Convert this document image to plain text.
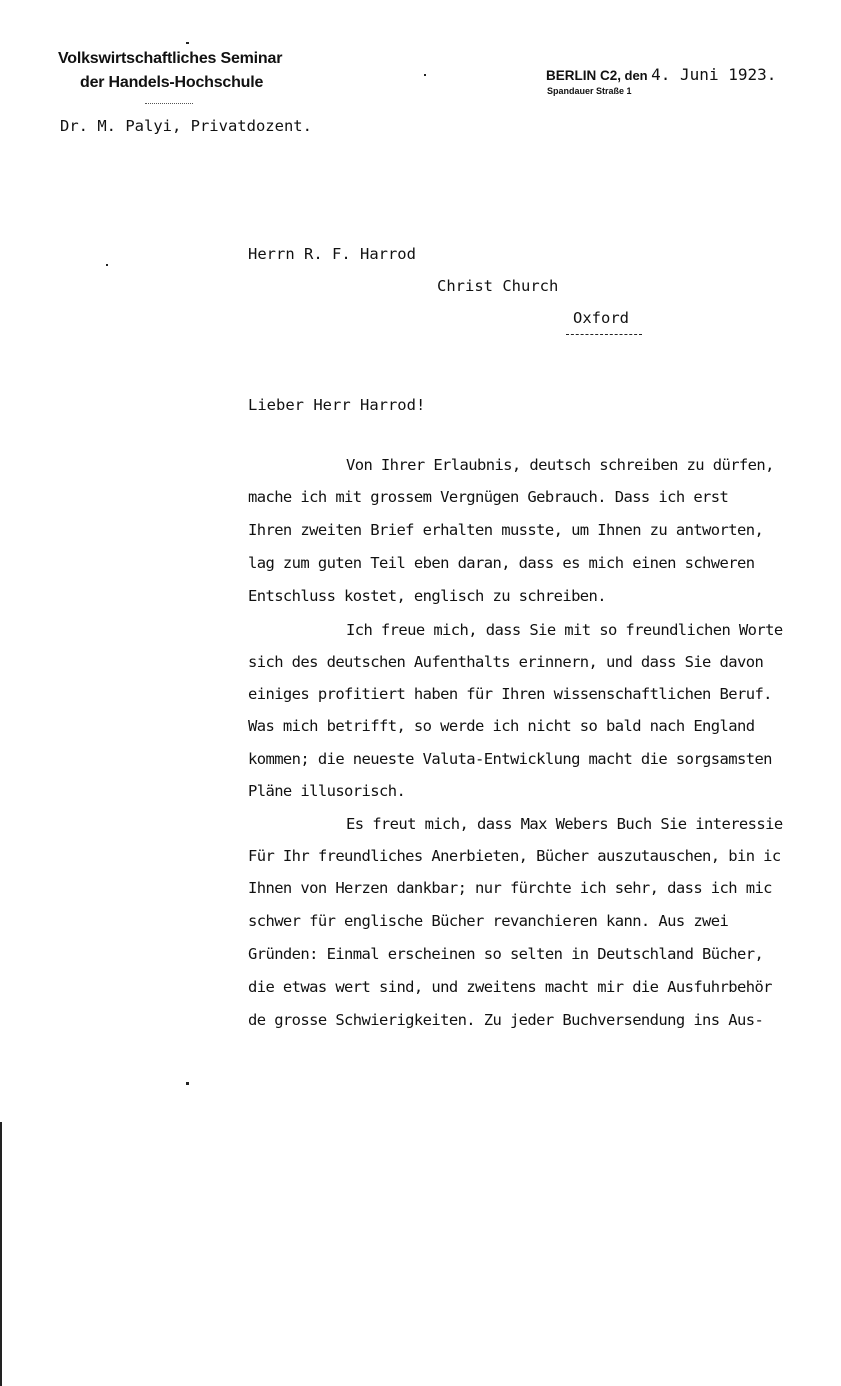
Volkswirtschaftliches Seminar
der Handels-Hochschule
Dr. M. Palyi, Privatdozent.
BERLIN C2, den 4. Juni 1923.
Spandauer Straße 1
Herrn R. F. Harrod
Christ Church
Oxford
Lieber Herr Harrod!
Von Ihrer Erlaubnis, deutsch schreiben zu dürfen,
mache ich mit grossem Vergnügen Gebrauch. Dass ich erst
Ihren zweiten Brief erhalten musste, um Ihnen zu antworten,
lag zum guten Teil eben daran, dass es mich einen schweren
Entschluss kostet, englisch zu schreiben.
Ich freue mich, dass Sie mit so freundlichen Worte
sich des deutschen Aufenthalts erinnern, und dass Sie davon
einiges profitiert haben für Ihren wissenschaftlichen Beruf.
Was mich betrifft, so werde ich nicht so bald nach England
kommen; die neueste Valuta-Entwicklung macht die sorgsamsten
Pläne illusorisch.
Es freut mich, dass Max Webers Buch Sie interessie
Für Ihr freundliches Anerbieten, Bücher auszutauschen, bin ic
Ihnen von Herzen dankbar; nur fürchte ich sehr, dass ich mic
schwer für englische Bücher revanchieren kann. Aus zwei
Gründen: Einmal erscheinen so selten in Deutschland Bücher,
die etwas wert sind, und zweitens macht mir die Ausfuhrbehör
de grosse Schwierigkeiten. Zu jeder Buchversendung ins Aus-
